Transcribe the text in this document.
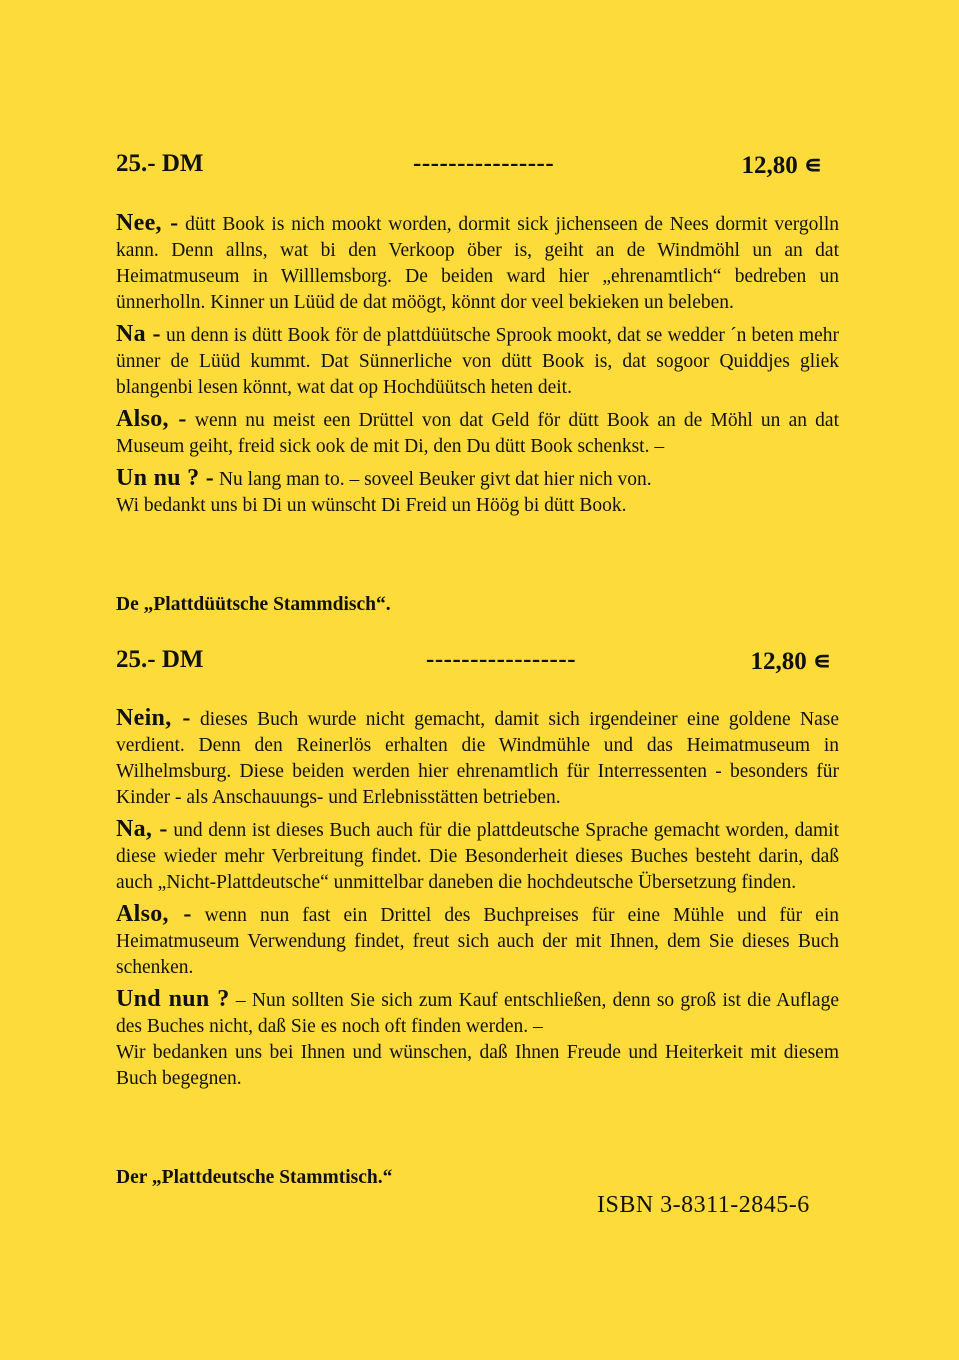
25.- DM	----------------	12,80 ∊

Nee, - dütt Book is nich mookt worden, dormit sick jichenseen de Nees dormit vergolln kann. Denn allns, wat bi den Verkoop öber is, geiht an de Windmöhl un an dat Heimatmuseum in Willlemsborg. De beiden ward hier „ehrenamtlich“ bedreben un ünnerholln. Kinner un Lüüd de dat möögt, könnt dor veel bekieken un beleben.

Na - un denn is dütt Book för de plattdüütsche Sprook mookt, dat se wedder ´n beten mehr ünner de Lüüd kummt. Dat Sünnerliche von dütt Book is, dat sogoor Quiddjes gliek blangenbi lesen könnt, wat dat op Hochdüütsch heten deit.

Also, - wenn nu meist een Drüttel von dat Geld för dütt Book an de Möhl un an dat Museum geiht, freid sick ook de mit Di, den Du dütt Book schenkst. –

Un nu ? - Nu lang man to. – soveel Beuker givt dat hier nich von.

Wi bedankt uns bi Di un wünscht Di Freid un Höög bi dütt Book.

De „Plattdüütsche Stammdisch“.
25.- DM	-----------------	12,80 ∊

Nein, - dieses Buch wurde nicht gemacht, damit sich irgendeiner eine goldene Nase verdient. Denn den Reinerlös erhalten die Windmühle und das Heimatmuseum in Wilhelmsburg. Diese beiden werden hier ehrenamtlich für Interressenten - besonders für Kinder - als Anschauungs- und Erlebnisstätten betrieben.

Na, - und denn ist dieses Buch auch für die plattdeutsche Sprache gemacht worden, damit diese wieder mehr Verbreitung findet. Die Besonderheit dieses Buches besteht darin, daß auch „Nicht-Plattdeutsche“ unmittelbar daneben die hochdeutsche Übersetzung finden.

Also, - wenn nun fast ein Drittel des Buchpreises für eine Mühle und für ein Heimatmuseum Verwendung findet, freut sich auch der mit Ihnen, dem Sie dieses Buch schenken.

Und nun ? – Nun sollten Sie sich zum Kauf entschließen, denn so groß ist die Auflage des Buches nicht, daß Sie es noch oft finden werden. –

Wir bedanken uns bei Ihnen und wünschen, daß Ihnen Freude und Heiterkeit mit diesem Buch begegnen.

Der „Plattdeutsche Stammtisch.“
ISBN 3-8311-2845-6
